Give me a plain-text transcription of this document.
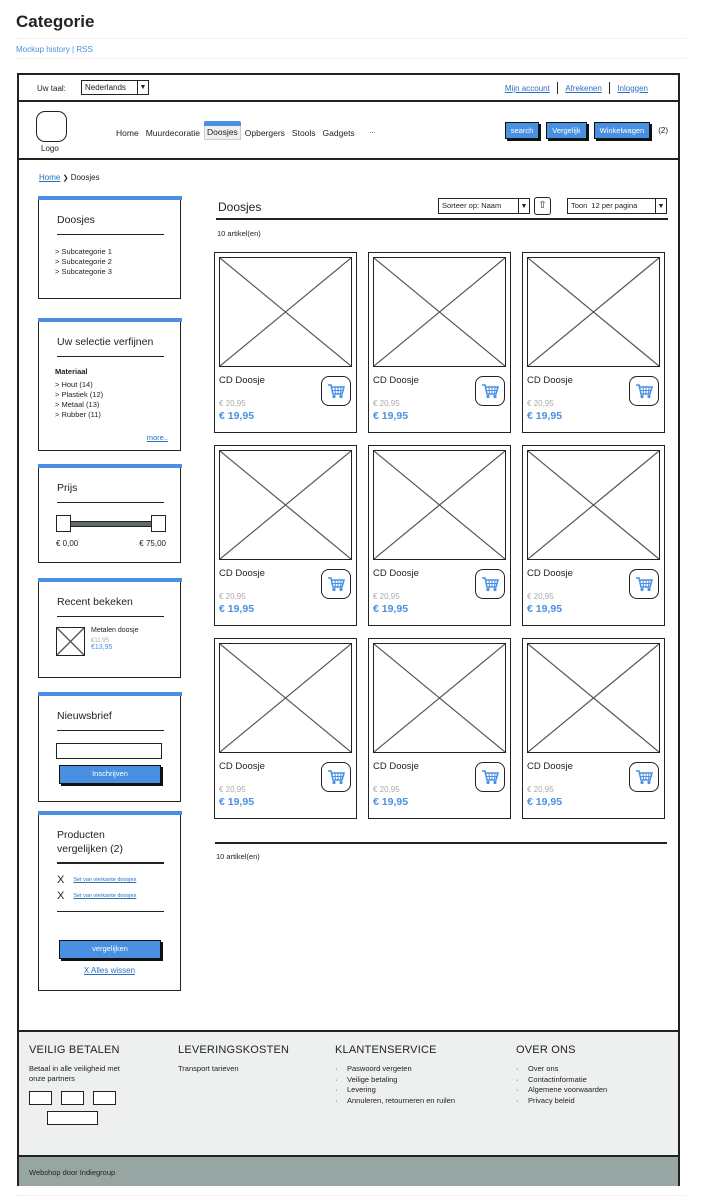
Categorie
Mockup history | RSS
Uw taal:	Nederlands	▼	Mijn account Afrekenen Inloggen
Logo
Home Muurdecoratie Doosjes Opbergers Stools Gadgets	...	search	Vergelijk	Winkelwagen	(2)
Home ❯ Doosjes
Doosjes
> Subcategorie 1
> Subcategorie 2
> Subcategorie 3
Uw selectie verfijnen
Materiaal
> Hout (14)
> Plastiek (12)
> Metaal (13)
> Rubber (11)
more..
Prijs
€ 0,00	€ 75,00
Recent bekeken
Metalen doosje
€11,95
€13,95
Nieuwsbrief
Inschrijven
Producten vergelijken (2)
X Set van vierkante doosjes
X Set van vierkante doosjes
vergelijken
X Alles wissen
Doosjes	Sorteer op: Naam	▼	⇧	Toon  12 per pagina	▼
10 artikel(en)
CD Doosje
€ 20,95
€ 19,95
CD Doosje
€ 20,95
€ 19,95
CD Doosje
€ 20,95
€ 19,95
CD Doosje
€ 20,95
€ 19,95
CD Doosje
€ 20,95
€ 19,95
CD Doosje
€ 20,95
€ 19,95
CD Doosje
€ 20,95
€ 19,95
CD Doosje
€ 20,95
€ 19,95
CD Doosje
€ 20,95
€ 19,95
10 artikel(en)
VEILIG BETALEN

Betaal in alle veiligheid met onze partners

LEVERINGSKOSTEN

Transport tarieven

KLANTENSERVICE
· Paswoord vergeten
· Veilige betaling
· Levering
· Annuleren, retourneren en ruilen
OVER ONS
· Over ons
· Contactinformatie
· Algemene voorwaarden
· Privacy beleid
Webshop door Indiegroup
